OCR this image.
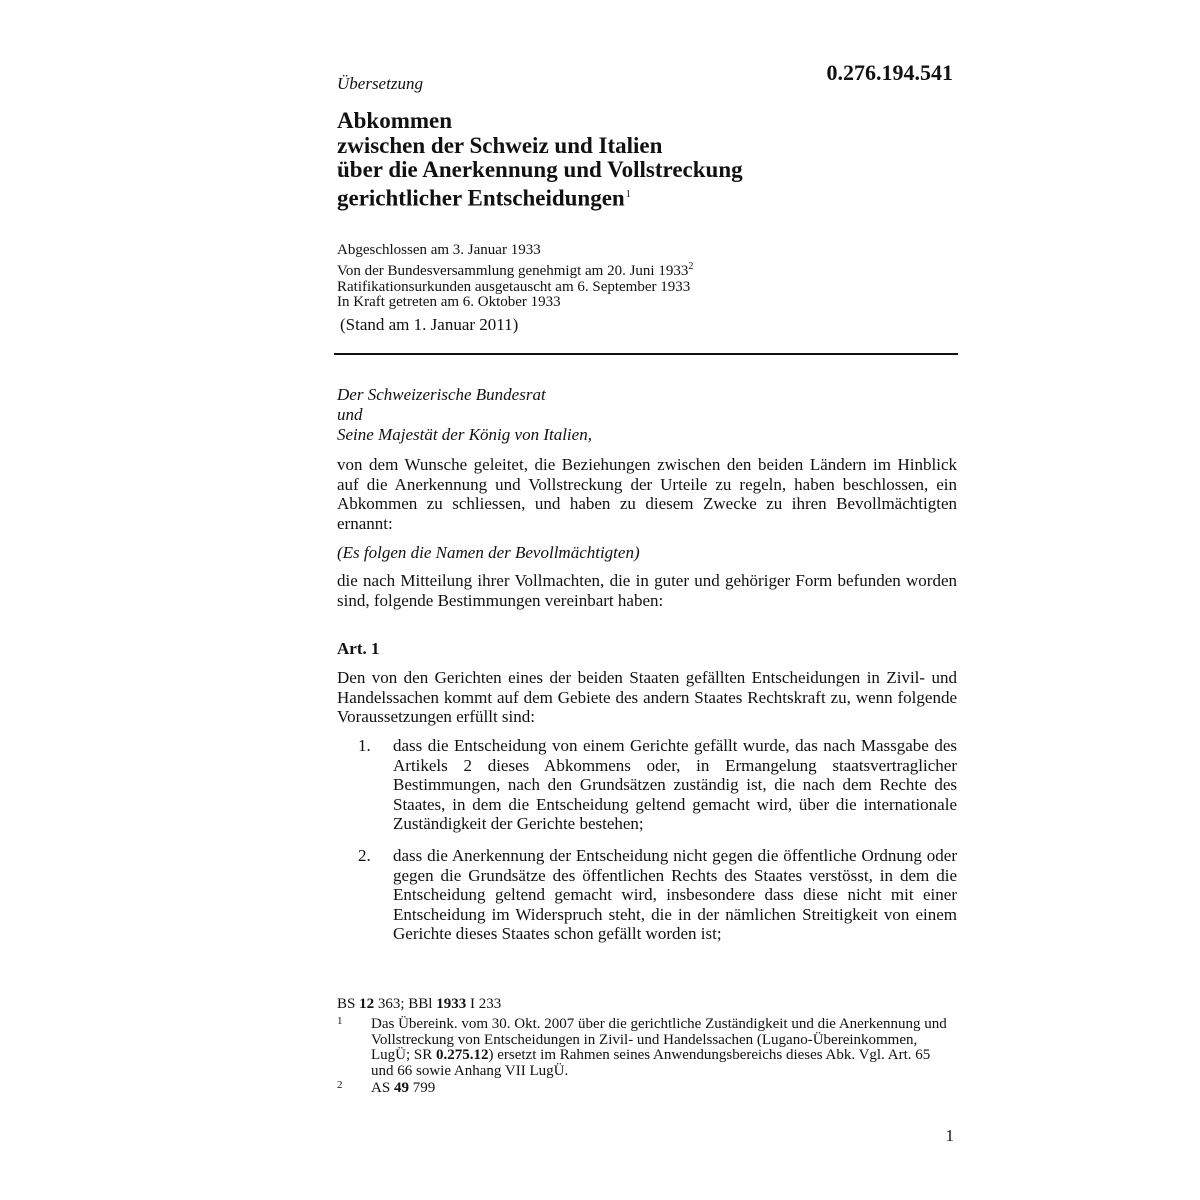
Übersetzung	0.276.194.541
Abkommen
zwischen der Schweiz und Italien
über die Anerkennung und Vollstreckung
gerichtlicher Entscheidungen$^1$
Abgeschlossen am 3. Januar 1933
Von der Bundesversammlung genehmigt am 20. Juni 1933$^2$
Ratifikationsurkunden ausgetauscht am 6. September 1933
In Kraft getreten am 6. Oktober 1933
(Stand am 1. Januar 2011)
Der Schweizerische Bundesrat
und
Seine Majestät der König von Italien,
von dem Wunsche geleitet, die Beziehungen zwischen den beiden Ländern im Hinblick auf die Anerkennung und Vollstreckung der Urteile zu regeln, haben beschlossen, ein Abkommen zu schliessen, und haben zu diesem Zwecke zu ihren Bevollmächtigten ernannt:
(Es folgen die Namen der Bevollmächtigten)
die nach Mitteilung ihrer Vollmachten, die in guter und gehöriger Form befunden worden sind, folgende Bestimmungen vereinbart haben:
Art. 1
Den von den Gerichten eines der beiden Staaten gefällten Entscheidungen in Zivil- und Handelssachen kommt auf dem Gebiete des andern Staates Rechtskraft zu, wenn folgende Voraussetzungen erfüllt sind:
1. dass die Entscheidung von einem Gerichte gefällt wurde, das nach Massgabe des Artikels 2 dieses Abkommens oder, in Ermangelung staatsvertraglicher Bestimmungen, nach den Grundsätzen zuständig ist, die nach dem Rechte des Staates, in dem die Entscheidung geltend gemacht wird, über die internationale Zuständigkeit der Gerichte bestehen;
2. dass die Anerkennung der Entscheidung nicht gegen die öffentliche Ordnung oder gegen die Grundsätze des öffentlichen Rechts des Staates verstösst, in dem die Entscheidung geltend gemacht wird, insbesondere dass diese nicht mit einer Entscheidung im Widerspruch steht, die in der nämlichen Streitigkeit von einem Gerichte dieses Staates schon gefällt worden ist;
BS 12 363; BBl 1933 I 233
1 Das Übereink. vom 30. Okt. 2007 über die gerichtliche Zuständigkeit und die Anerkennung und Vollstreckung von Entscheidungen in Zivil- und Handelssachen (Lugano-Übereinkommen, LugÜ; SR 0.275.12) ersetzt im Rahmen seines Anwendungsbereichs dieses Abk. Vgl. Art. 65 und 66 sowie Anhang VII LugÜ.
2 AS 49 799
1
